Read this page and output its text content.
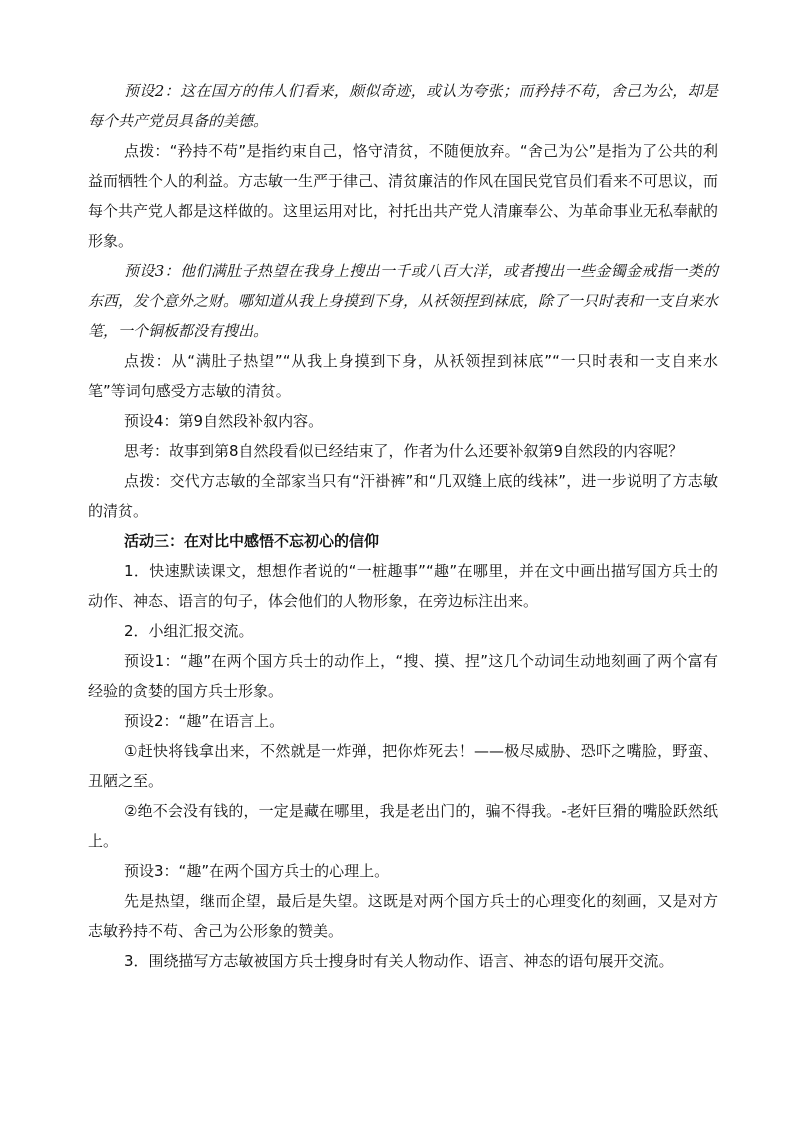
预设2：这在国方的伟人们看来，颇似奇迹，或认为夸张；而矜持不苟，舍己为公，却是每个共产党员具备的美德。

点拨：“矜持不苟”是指约束自己，恪守清贫，不随便放弃。“舍己为公”是指为了公共的利益而牺牲个人的利益。方志敏一生严于律己、清贫廉洁的作风在国民党官员们看来不可思议，而每个共产党人都是这样做的。这里运用对比，衬托出共产党人清廉奉公、为革命事业无私奉献的形象。

预设3：他们满肚子热望在我身上搜出一千或八百大洋，或者搜出一些金镯金戒指一类的东西，发个意外之财。哪知道从我上身摸到下身，从袄领捏到袜底，除了一只时表和一支自来水笔，一个铜板都没有搜出。

点拨：从“满肚子热望”“从我上身摸到下身，从袄领捏到袜底”“一只时表和一支自来水笔”等词句感受方志敏的清贫。

预设4：第9自然段补叙内容。

思考：故事到第8自然段看似已经结束了，作者为什么还要补叙第9自然段的内容呢？

点拨：交代方志敏的全部家当只有“汗褂裤”和“几双缝上底的线袜”，进一步说明了方志敏的清贫。

活动三：在对比中感悟不忘初心的信仰

1．快速默读课文，想想作者说的“一桩趣事”“趣”在哪里，并在文中画出描写国方兵士的动作、神态、语言的句子，体会他们的人物形象，在旁边标注出来。

2．小组汇报交流。

预设1：“趣”在两个国方兵士的动作上，“搜、摸、捏”这几个动词生动地刻画了两个富有经验的贪婪的国方兵士形象。

预设2：“趣”在语言上。

①赶快将钱拿出来，不然就是一炸弹，把你炸死去！——极尽威胁、恐吓之嘴脸，野蛮、丑陋之至。

②绝不会没有钱的，一定是藏在哪里，我是老出门的，骗不得我。-老奸巨猾的嘴脸跃然纸上。

预设3：“趣”在两个国方兵士的心理上。

先是热望，继而企望，最后是失望。这既是对两个国方兵士的心理变化的刻画，又是对方志敏矜持不苟、舍己为公形象的赞美。

3．围绕描写方志敏被国方兵士搜身时有关人物动作、语言、神态的语句展开交流。
